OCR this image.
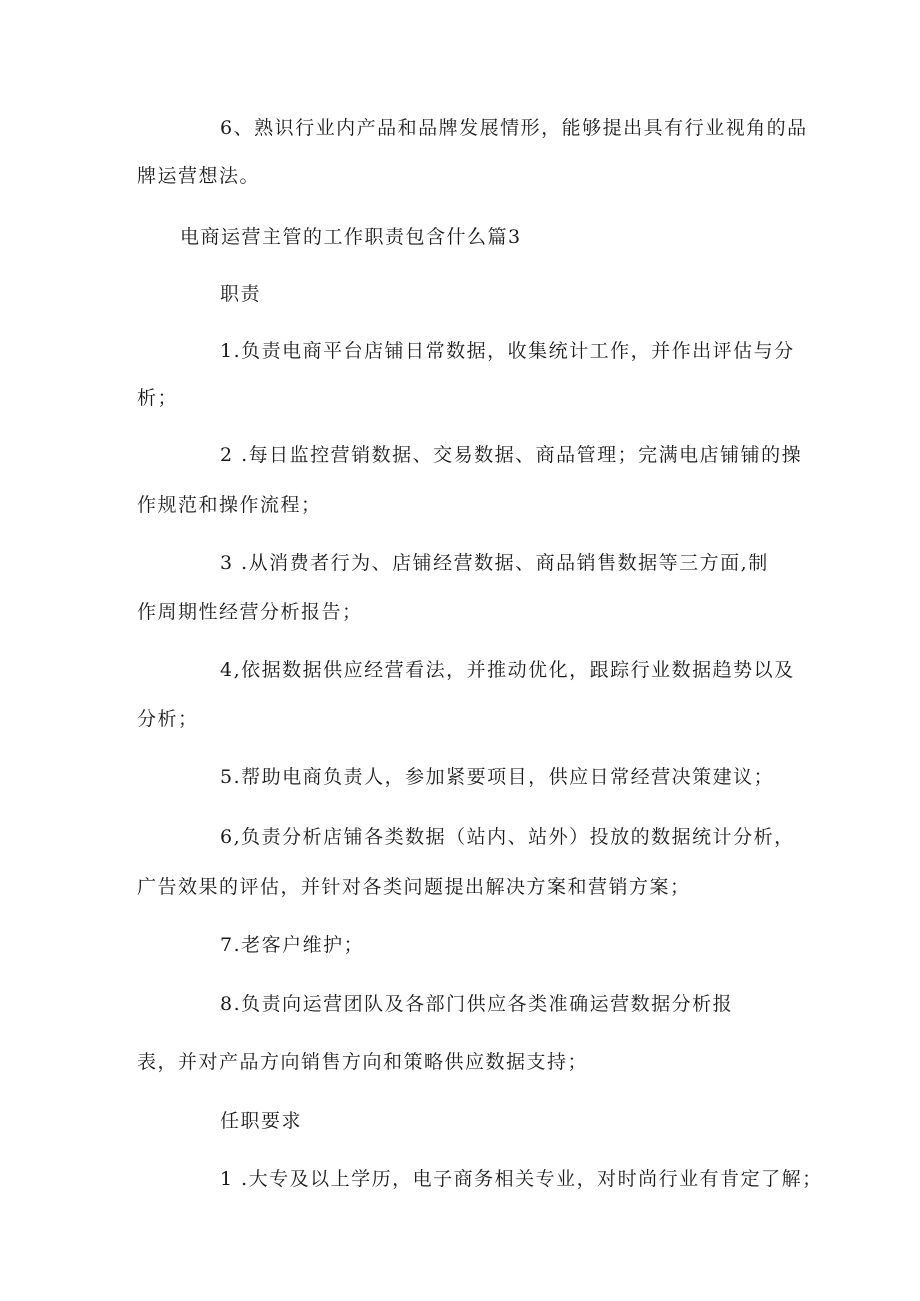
6、熟识行业内产品和品牌发展情形，能够提出具有行业视角的品
牌运营想法。
电商运营主管的工作职责包含什么篇3
职责
1.负责电商平台店铺日常数据，收集统计工作，并作出评估与分
析；
2 .每日监控营销数据、交易数据、商品管理；完满电店铺铺的操
作规范和操作流程；
3 .从消费者行为、店铺经营数据、商品销售数据等三方面,制
作周期性经营分析报告；
4,依据数据供应经营看法，并推动优化，跟踪行业数据趋势以及
分析；
5.帮助电商负责人，参加紧要项目，供应日常经营决策建议；
6,负责分析店铺各类数据（站内、站外）投放的数据统计分析，
广告效果的评估，并针对各类问题提出解决方案和营销方案；
7.老客户维护；
8.负责向运营团队及各部门供应各类准确运营数据分析报
表，并对产品方向销售方向和策略供应数据支持；
任职要求
1 .大专及以上学历，电子商务相关专业，对时尚行业有肯定了解；
